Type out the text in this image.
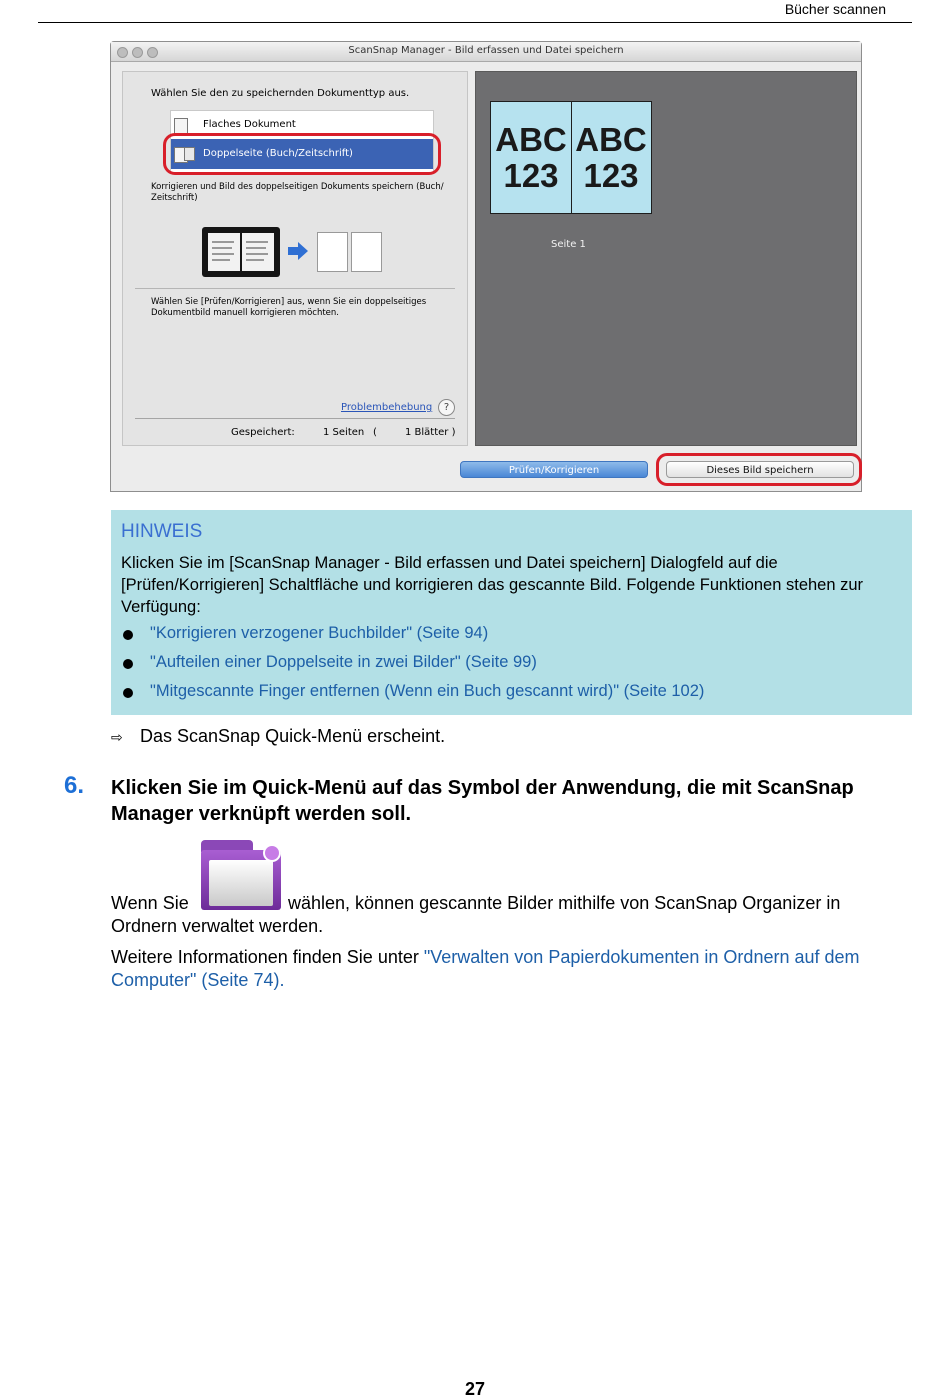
Bücher scannen
ScanSnap Manager - Bild erfassen und Datei speichern
Wählen Sie den zu speichernden Dokumenttyp aus.
Flaches Dokument
Doppelseite (Buch/Zeitschrift)
Korrigieren und Bild des doppelseitigen Dokuments speichern (Buch/ Zeitschrift)
Wählen Sie [Prüfen/Korrigieren] aus, wenn Sie ein doppelseitiges Dokumentbild manuell korrigieren möchten.
Problembehebung	?
Gespeichert:	1 Seiten (	1 Blätter )
ABC
123
ABC
123
Seite 1
Prüfen/Korrigieren	Dieses Bild speichern
HINWEIS
Klicken Sie im [ScanSnap Manager - Bild erfassen und Datei speichern] Dialogfeld auf die [Prüfen/Korrigieren] Schaltfläche und korrigieren das gescannte Bild. Folgende Funktionen stehen zur Verfügung:
"Korrigieren verzogener Buchbilder" (Seite 94)
"Aufteilen einer Doppelseite in zwei Bilder" (Seite 99)
"Mitgescannte Finger entfernen (Wenn ein Buch gescannt wird)" (Seite 102)
⇨ Das ScanSnap Quick-Menü erscheint.
6. Klicken Sie im Quick-Menü auf das Symbol der Anwendung, die mit ScanSnap Manager verknüpft werden soll.
Wenn Sie	wählen, können gescannte Bilder mithilfe von ScanSnap Organizer in
Ordnern verwaltet werden.
Weitere Informationen finden Sie unter "Verwalten von Papierdokumenten in Ordnern auf dem Computer" (Seite 74).
27
